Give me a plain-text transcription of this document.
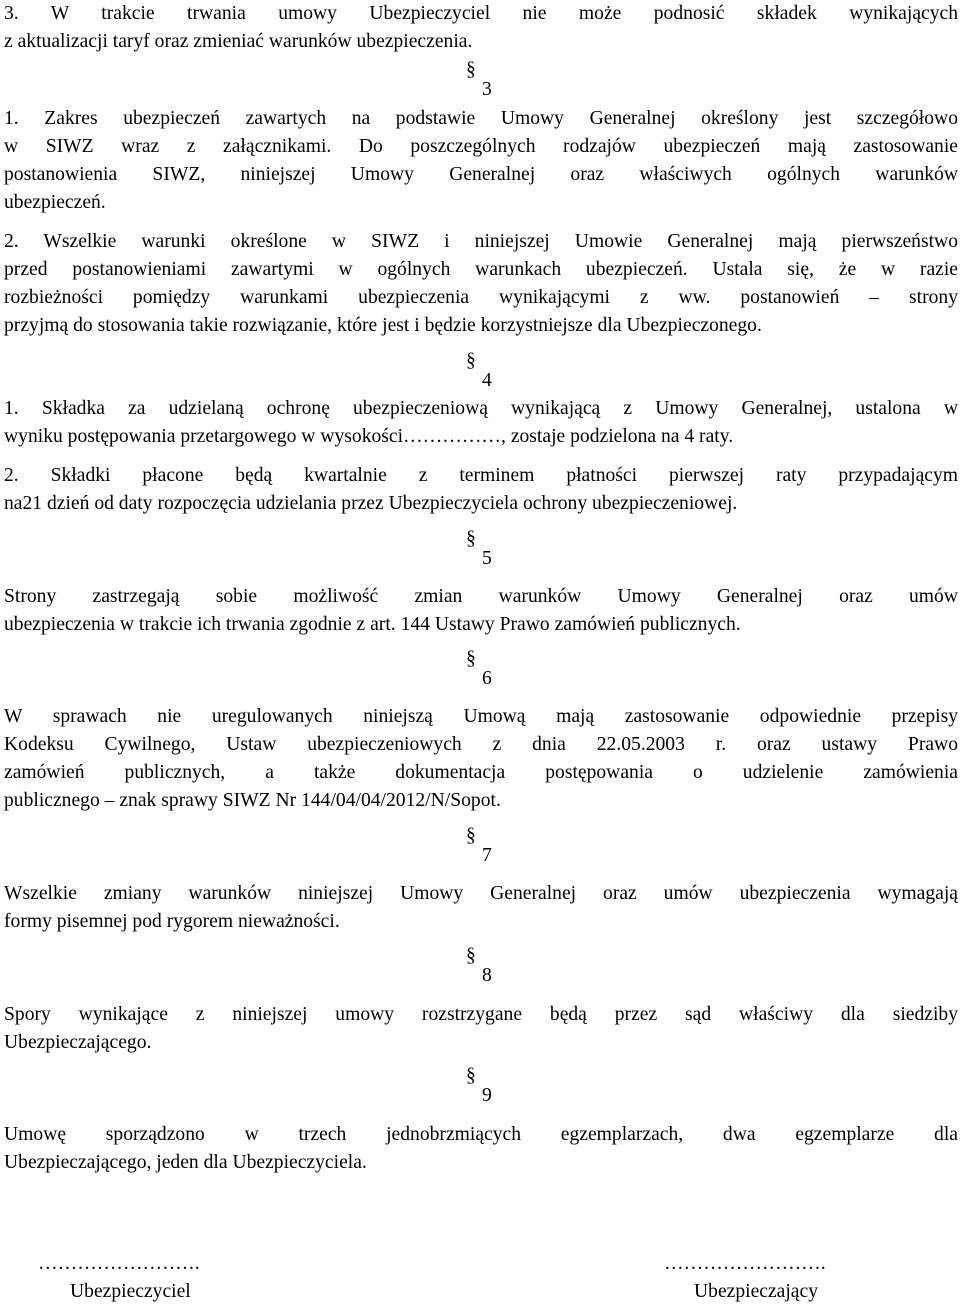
3. W trakcie trwania umowy Ubezpieczyciel nie może podnosić składek wynikających
z aktualizacji taryf oraz zmieniać warunków ubezpieczenia.
1. Zakres ubezpieczeń zawartych na podstawie Umowy Generalnej określony jest szczegółowo
w SIWZ wraz z załącznikami. Do poszczególnych rodzajów ubezpieczeń mają zastosowanie
postanowienia SIWZ, niniejszej Umowy Generalnej oraz właściwych ogólnych warunków
ubezpieczeń.
2. Wszelkie warunki określone w SIWZ i niniejszej Umowie Generalnej mają pierwszeństwo
przed postanowieniami zawartymi w ogólnych warunkach ubezpieczeń. Ustala się, że w razie
rozbieżności pomiędzy warunkami ubezpieczenia wynikającymi z ww. postanowień – strony
przyjmą do stosowania takie rozwiązanie, które jest i będzie korzystniejsze dla Ubezpieczonego.
1. Składka za udzielaną ochronę ubezpieczeniową wynikającą z Umowy Generalnej, ustalona w
wyniku postępowania przetargowego w wysokości……………, zostaje podzielona na 4 raty.
2. Składki płacone będą kwartalnie z terminem płatności pierwszej raty przypadającym
na21 dzień od daty rozpoczęcia udzielania przez Ubezpieczyciela ochrony ubezpieczeniowej.
Strony zastrzegają sobie możliwość zmian warunków Umowy Generalnej oraz umów
ubezpieczenia w trakcie ich trwania zgodnie z art. 144 Ustawy Prawo zamówień publicznych.
W sprawach nie uregulowanych niniejszą Umową mają zastosowanie odpowiednie przepisy
Kodeksu Cywilnego, Ustaw ubezpieczeniowych z dnia 22.05.2003 r. oraz ustawy Prawo
zamówień publicznych, a także dokumentacja postępowania o udzielenie zamówienia
publicznego – znak sprawy SIWZ Nr 144/04/04/2012/N/Sopot.
Wszelkie zmiany warunków niniejszej Umowy Generalnej oraz umów ubezpieczenia wymagają
formy pisemnej pod rygorem nieważności.
Spory wynikające z niniejszej umowy rozstrzygane będą przez sąd właściwy dla siedziby
Ubezpieczającego.
Umowę sporządzono w trzech jednobrzmiących egzemplarzach, dwa egzemplarze dla
Ubezpieczającego, jeden dla Ubezpieczyciela.
§
3
§
4
§
5
§
6
§
7
§
8
§
9
…………………….
Ubezpieczyciel
…………………….
Ubezpieczający
